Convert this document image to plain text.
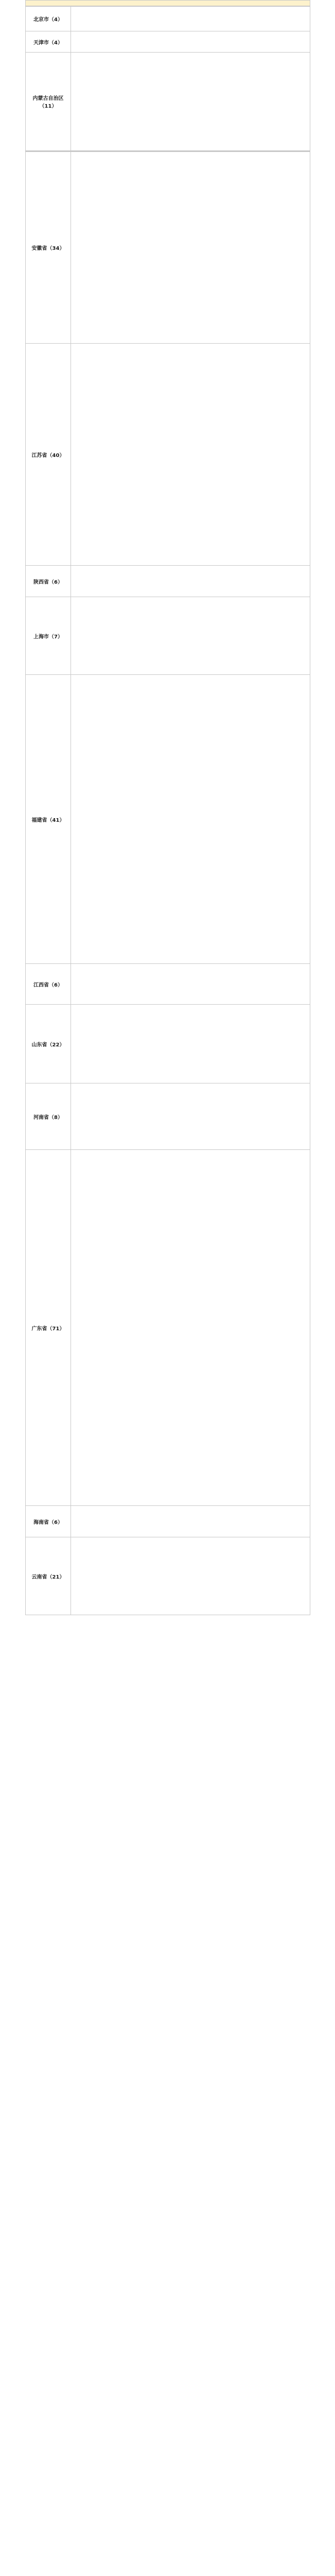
北京市（4）

天津市（4）

内蒙古自治区（11）

安徽省（34）

江苏省（40）

陕西省（6）

上海市（7）

福建省（41）

江西省（6）

山东省（22）

河南省（8）

广东省（71）

海南省（6）

云南省（21）
